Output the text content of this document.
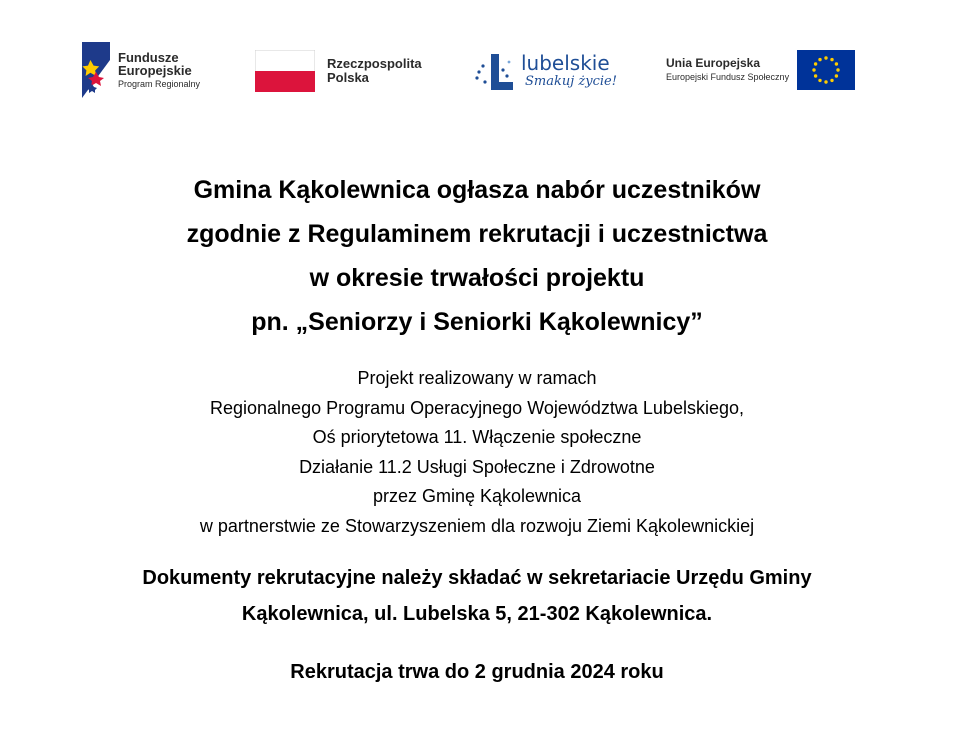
Fundusze
Europejskie
Program Regionalny
Rzeczpospolita
Polska
lubelskie
Smakuj życie!
Unia Europejska
Europejski Fundusz Społeczny
Gmina Kąkolewnica ogłasza nabór uczestników
zgodnie z Regulaminem rekrutacji i uczestnictwa
w okresie trwałości projektu
pn. „Seniorzy i Seniorki Kąkolewnicy”
Projekt realizowany w ramach
Regionalnego Programu Operacyjnego Województwa Lubelskiego,
Oś priorytetowa 11. Włączenie społeczne
Działanie 11.2 Usługi Społeczne i Zdrowotne
przez Gminę Kąkolewnica
w partnerstwie ze Stowarzyszeniem dla rozwoju Ziemi Kąkolewnickiej
Dokumenty rekrutacyjne należy składać w sekretariacie Urzędu Gminy
Kąkolewnica, ul. Lubelska 5, 21-302 Kąkolewnica.
Rekrutacja trwa do 2 grudnia 2024 roku
